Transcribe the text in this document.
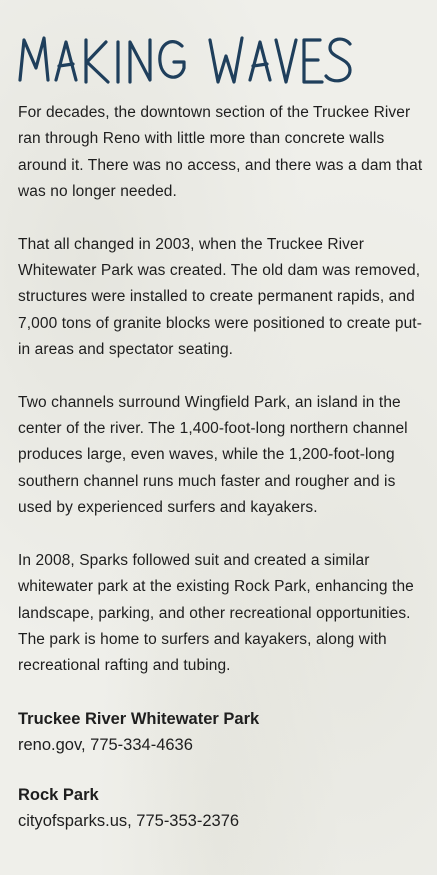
For decades, the downtown section of the Truckee River ran through Reno with little more than concrete walls around it. There was no access, and there was a dam that was no longer needed.

That all changed in 2003, when the Truckee River Whitewater Park was created. The old dam was removed, structures were installed to create permanent rapids, and 7,000 tons of granite blocks were positioned to create put-in areas and spectator seating.

Two channels surround Wingfield Park, an island in the center of the river. The 1,400-foot-long northern channel produces large, even waves, while the 1,200-foot-long southern channel runs much faster and rougher and is used by experienced surfers and kayakers.

In 2008, Sparks followed suit and created a similar whitewater park at the existing Rock Park, enhancing the landscape, parking, and other recreational opportunities. The park is home to surfers and kayakers, along with recreational rafting and tubing.

Truckee River Whitewater Park

reno.gov, 775-334-4636

Rock Park

cityofsparks.us, 775-353-2376
